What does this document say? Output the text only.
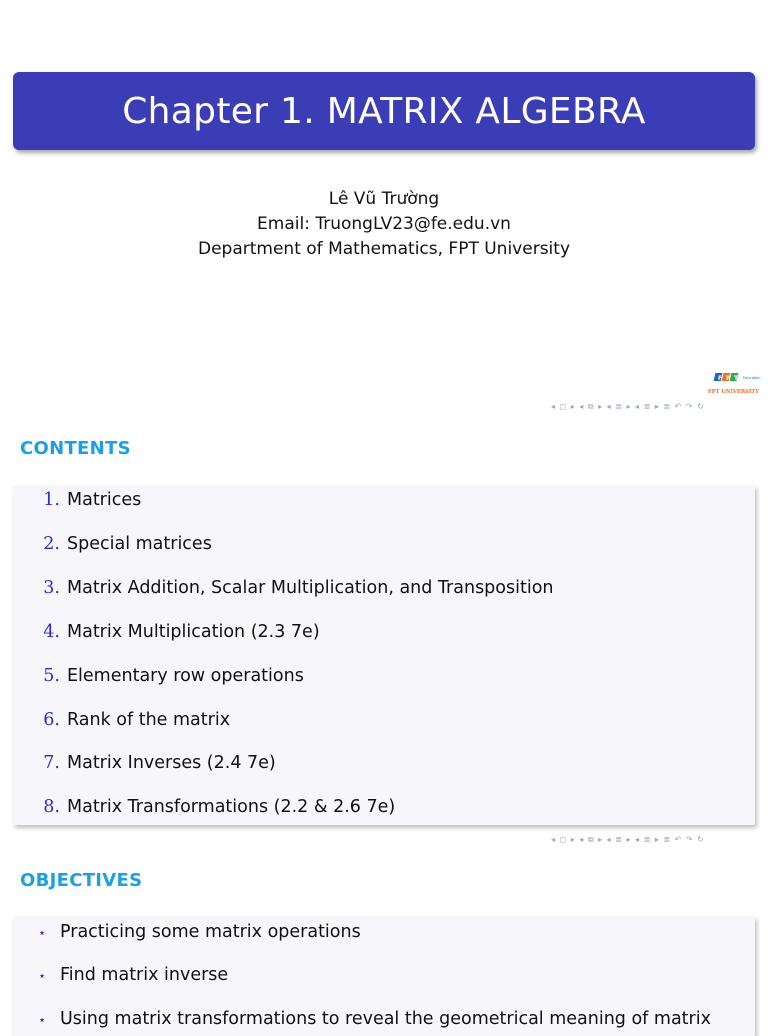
Chapter 1. MATRIX ALGEBRA
Lê Vũ Trường
Email: TruongLV23@fe.edu.vn
Department of Mathematics, FPT University
F P T Education
FPT UNIVERSITY
◂ ◻ ▸ ◂ ⧉ ▸ ◂ ≣ ▸ ◂ ≣ ▸ ≣ ↶ ↷ ↻
CONTENTS
1. Matrices
2. Special matrices
3. Matrix Addition, Scalar Multiplication, and Transposition
4. Matrix Multiplication (2.3 7e)
5. Elementary row operations
6. Rank of the matrix
7. Matrix Inverses (2.4 7e)
8. Matrix Transformations (2.2 & 2.6 7e)
◂ ◻ ▸ ◂ ⧉ ▸ ◂ ≣ ▸ ◂ ≣ ▸ ≣ ↶ ↷ ↻
OBJECTIVES
⋆ Practicing some matrix operations
⋆ Find matrix inverse
⋆ Using matrix transformations to reveal the geometrical meaning of matrix
